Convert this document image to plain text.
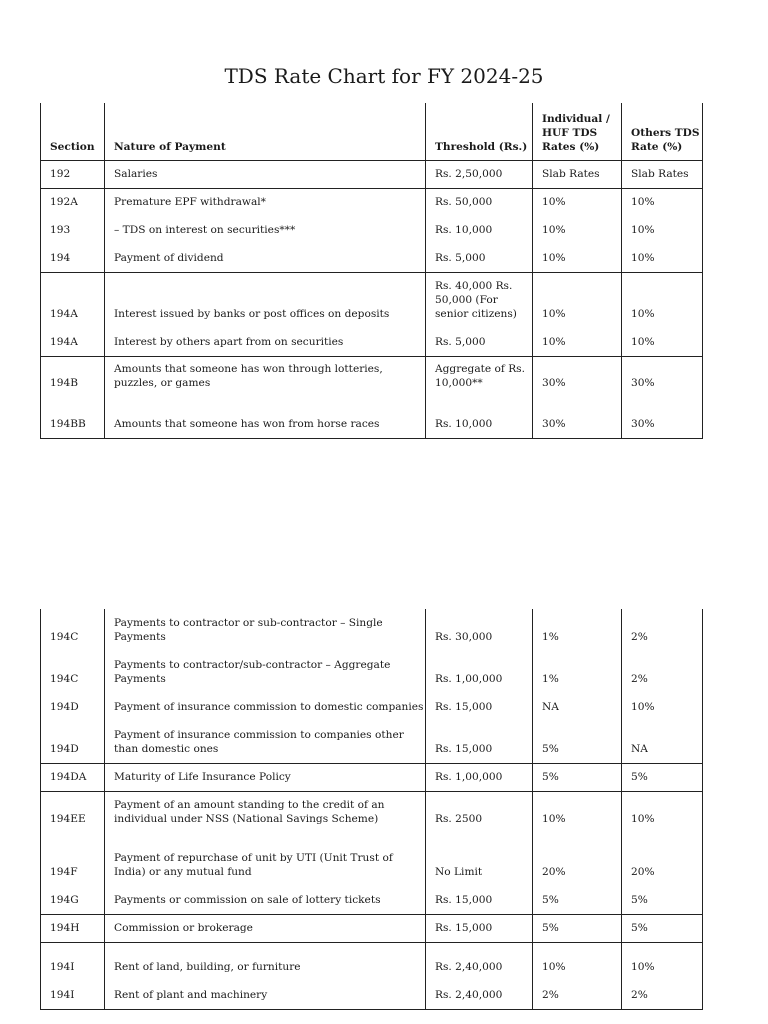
TDS Rate Chart for FY 2024-25
Section	Nature of Payment	Threshold (Rs.)	Individual / HUF TDS Rates (%)	Others TDS Rate (%)
192	Salaries	Rs. 2,50,000	Slab Rates	Slab Rates
192A	Premature EPF withdrawal*	Rs. 50,000	10%	10%
193	– TDS on interest on securities***	Rs. 10,000	10%	10%
194	Payment of dividend	Rs. 5,000	10%	10%
194A	Interest issued by banks or post offices on deposits	Rs. 40,000 Rs. 50,000 (For senior citizens)	10%	10%
194A	Interest by others apart from on securities	Rs. 5,000	10%	10%
194B	Amounts that someone has won through lotteries, puzzles, or games	Aggregate of Rs. 10,000**	30%	30%
194BB	Amounts that someone has won from horse races	Rs. 10,000	30%	30%
194C	Payments to contractor or sub-contractor – Single Payments	Rs. 30,000	1%	2%
194C	Payments to contractor/sub-contractor – Aggregate Payments	Rs. 1,00,000	1%	2%
194D	Payment of insurance commission to domestic companies	Rs. 15,000	NA	10%
194D	Payment of insurance commission to companies other than domestic ones	Rs. 15,000	5%	NA
194DA	Maturity of Life Insurance Policy	Rs. 1,00,000	5%	5%
194EE	Payment of an amount standing to the credit of an individual under NSS (National Savings Scheme)	Rs. 2500	10%	10%
194F	Payment of repurchase of unit by UTI (Unit Trust of India) or any mutual fund	No Limit	20%	20%
194G	Payments or commission on sale of lottery tickets	Rs. 15,000	5%	5%
194H	Commission or brokerage	Rs. 15,000	5%	5%
194I	Rent of land, building, or furniture	Rs. 2,40,000	10%	10%
194I	Rent of plant and machinery	Rs. 2,40,000	2%	2%
